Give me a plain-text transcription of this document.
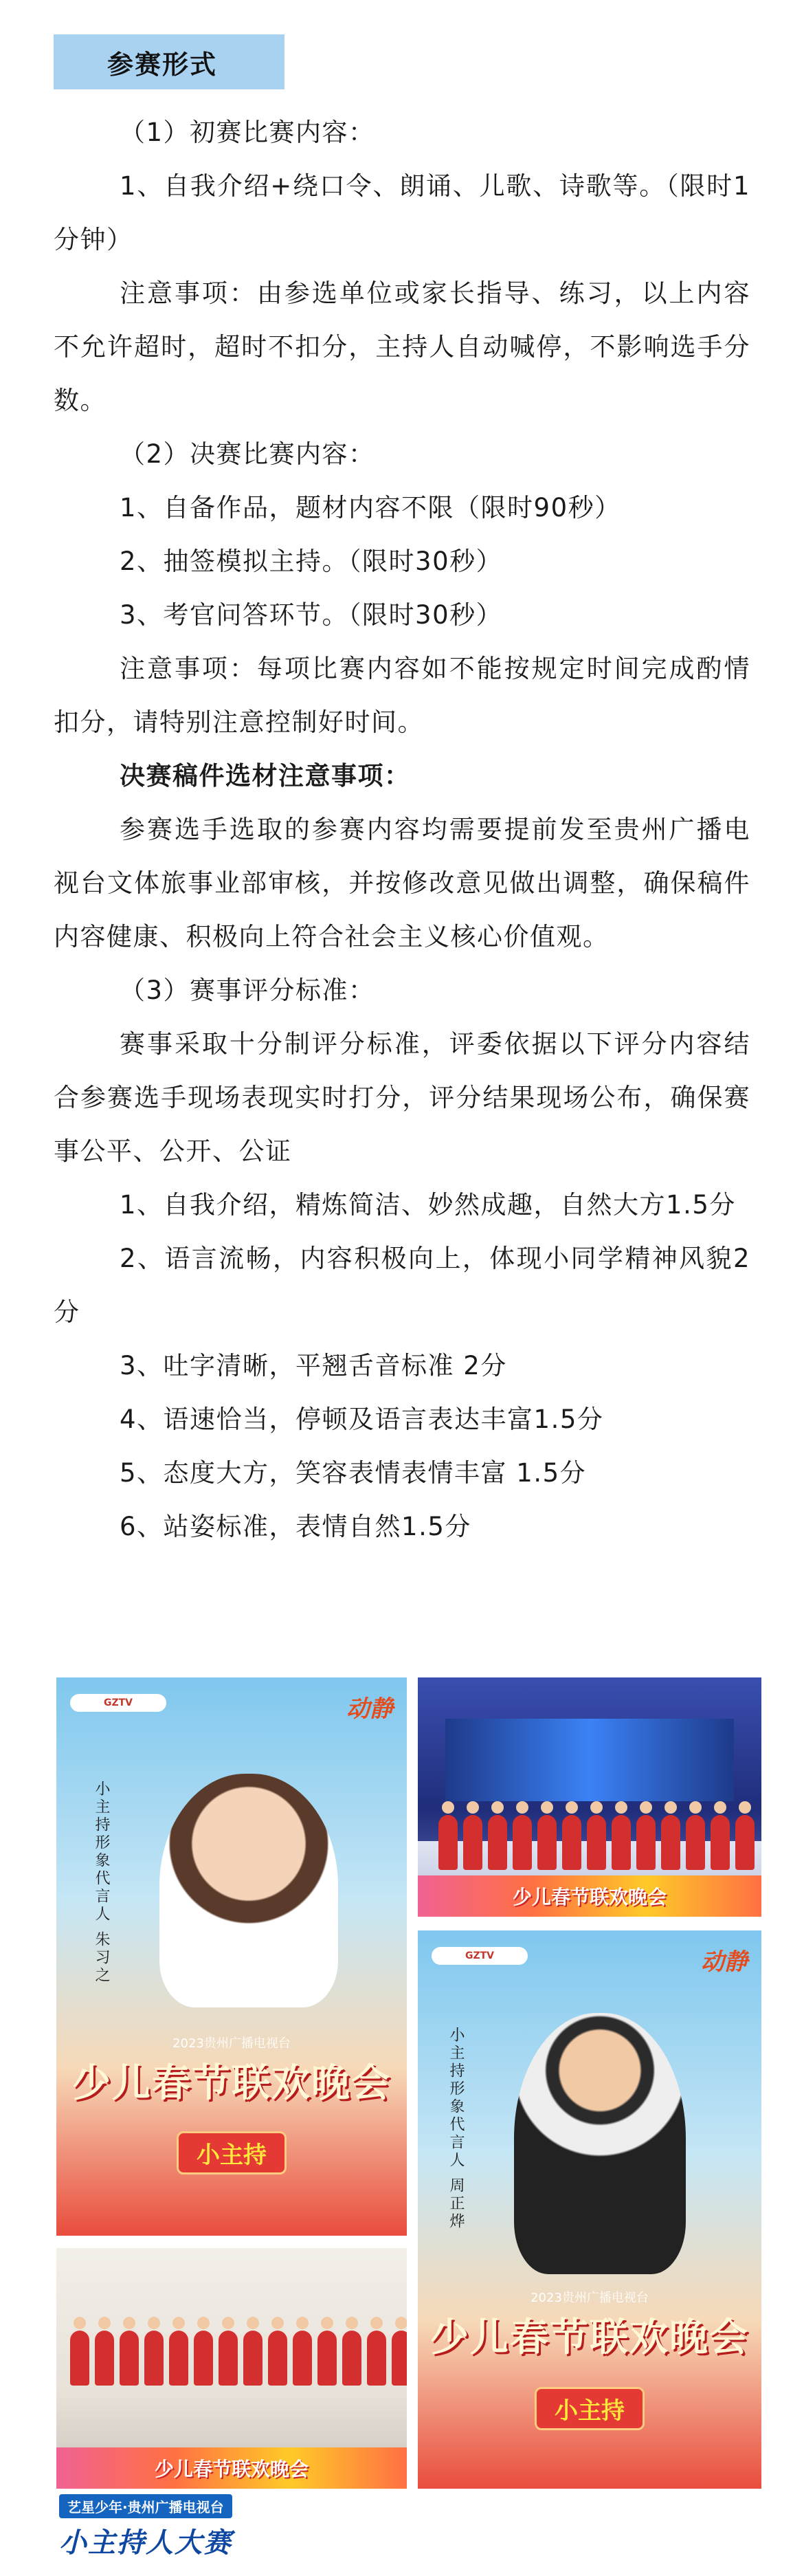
参赛形式

（1）初赛比赛内容：

1、自我介绍+绕口令、朗诵、儿歌、诗歌等。（限时1分钟）

注意事项：由参选单位或家长指导、练习，以上内容不允许超时，超时不扣分，主持人自动喊停，不影响选手分数。

（2）决赛比赛内容：

1、自备作品，题材内容不限（限时90秒）

2、抽签模拟主持。（限时30秒）

3、考官问答环节。（限时30秒）

注意事项：每项比赛内容如不能按规定时间完成酌情扣分，请特别注意控制好时间。

决赛稿件选材注意事项：

参赛选手选取的参赛内容均需要提前发至贵州广播电视台文体旅事业部审核，并按修改意见做出调整，确保稿件内容健康、积极向上符合社会主义核心价值观。

（3）赛事评分标准：

赛事采取十分制评分标准，评委依据以下评分内容结合参赛选手现场表现实时打分，评分结果现场公布，确保赛事公平、公开、公证

1、自我介绍，精炼简洁、妙然成趣，自然大方1.5分

2、语言流畅，内容积极向上，体现小同学精神风貌2分

3、吐字清晰，平翘舌音标准 2分

4、语速恰当，停顿及语言表达丰富1.5分

5、态度大方，笑容表情表情丰富 1.5分

6、站姿标准，表情自然1.5分

GZTV	动静
小主持形象代言人 朱习之
2023贵州广播电视台
少儿春节联欢晚会
小主持
少儿春节联欢晚会
GZTV	动静
小主持形象代言人 周正烨
2023贵州广播电视台
少儿春节联欢晚会
小主持
少儿春节联欢晚会
艺星少年·贵州广播电视台
小主持人大赛
